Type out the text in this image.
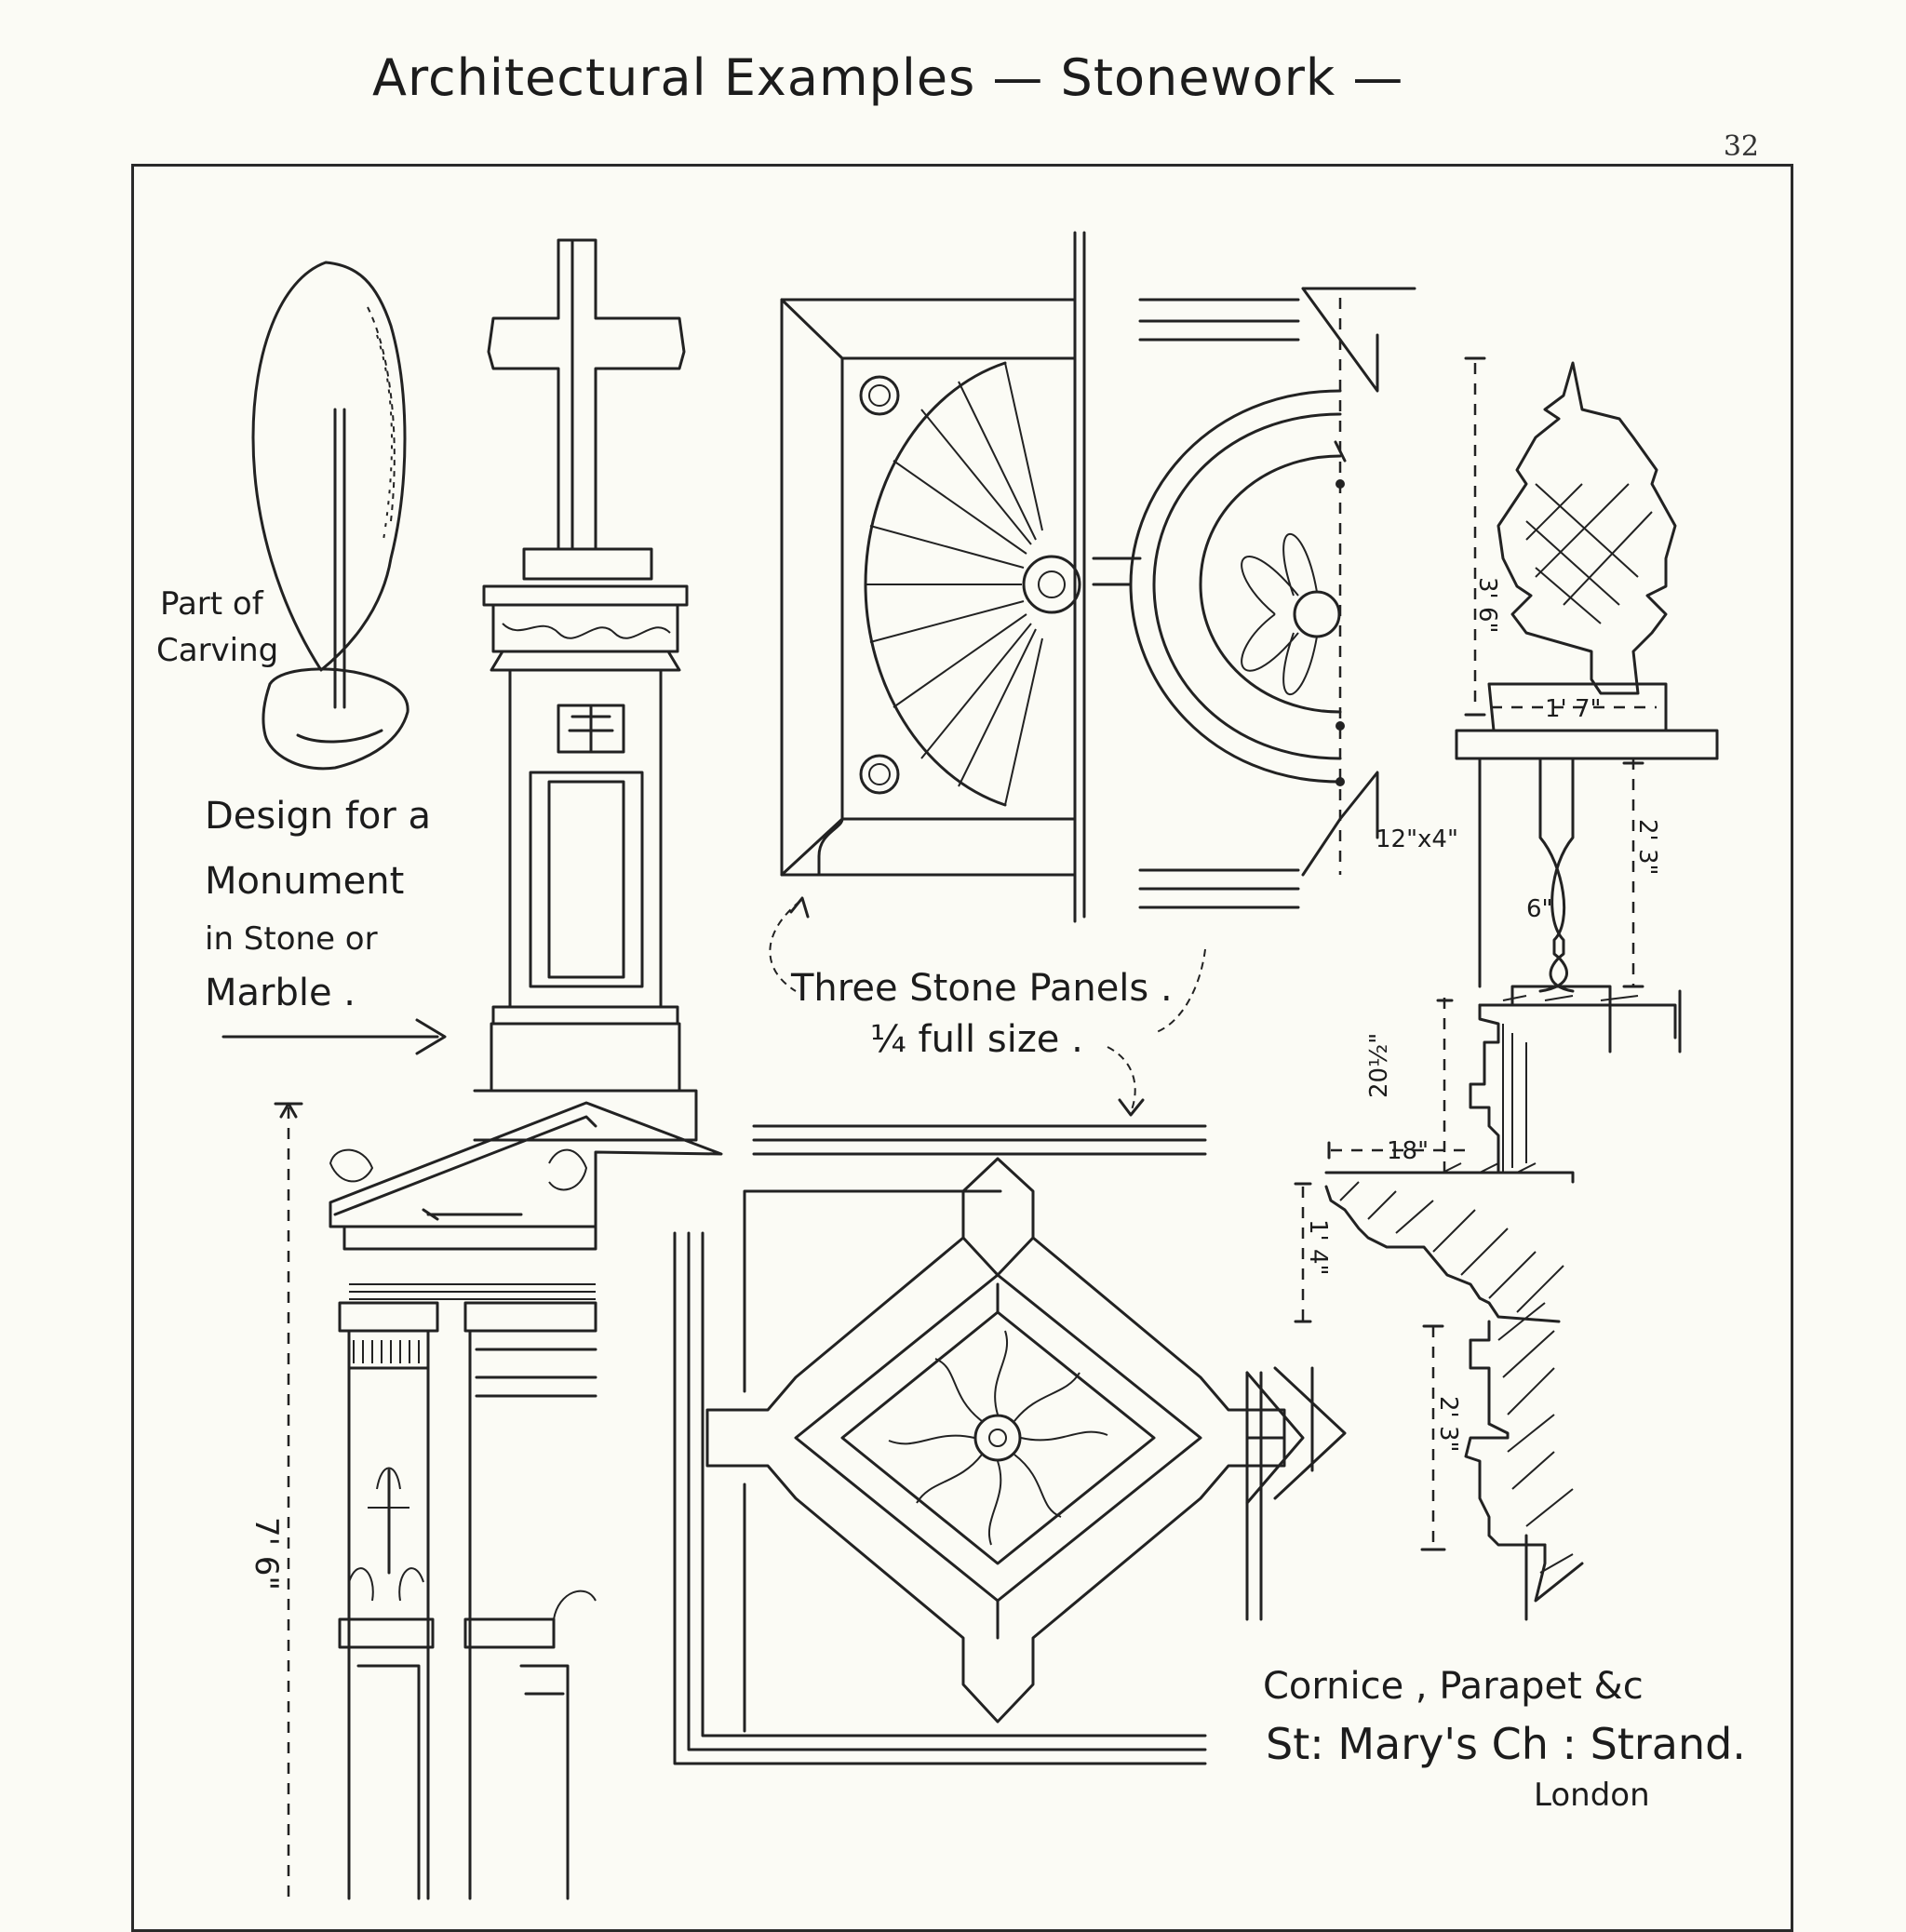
Architectural Examples — Stonework —
32
Part of
Carving
Design for a
Monument
in Stone or
Marble .	Three Stone Panels .
¼ full size .
Cornice , Parapet &c
St: Mary's Ch : Strand.
London
3' 6"
1' 7"
2' 3"
12"x4"
6"
20½"
18"
1' 4"
2' 3"
7' 6"
